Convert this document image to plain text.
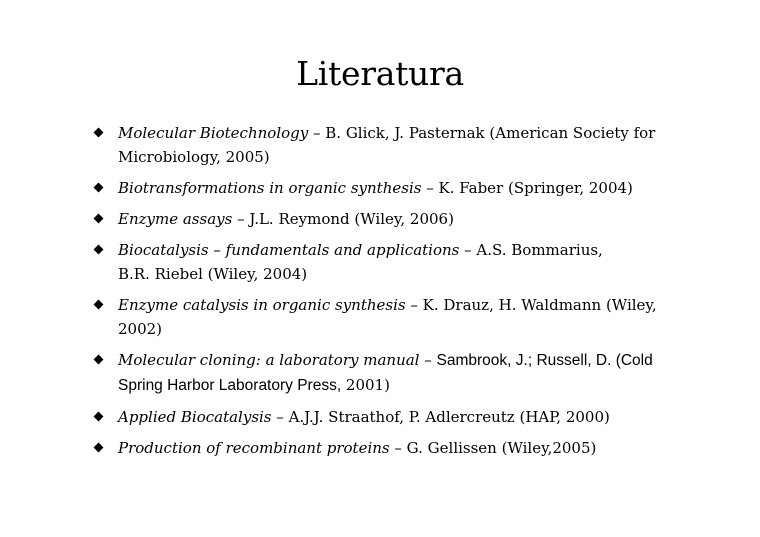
Literatura
Molecular Biotechnology – B. Glick, J. Pasternak (American Society for Microbiology, 2005)
Biotransformations in organic synthesis – K. Faber (Springer, 2004)
Enzyme assays – J.L. Reymond (Wiley, 2006)
Biocatalysis – fundamentals and applications – A.S. Bommarius,
B.R. Riebel (Wiley, 2004)
Enzyme catalysis in organic synthesis – K. Drauz, H. Waldmann (Wiley, 2002)
Molecular cloning: a laboratory manual – Sambrook, J.; Russell, D. (Cold Spring Harbor Laboratory Press, 2001)
Applied Biocatalysis – A.J.J. Straathof, P. Adlercreutz (HAP, 2000)
Production of recombinant proteins – G. Gellissen (Wiley,2005)
